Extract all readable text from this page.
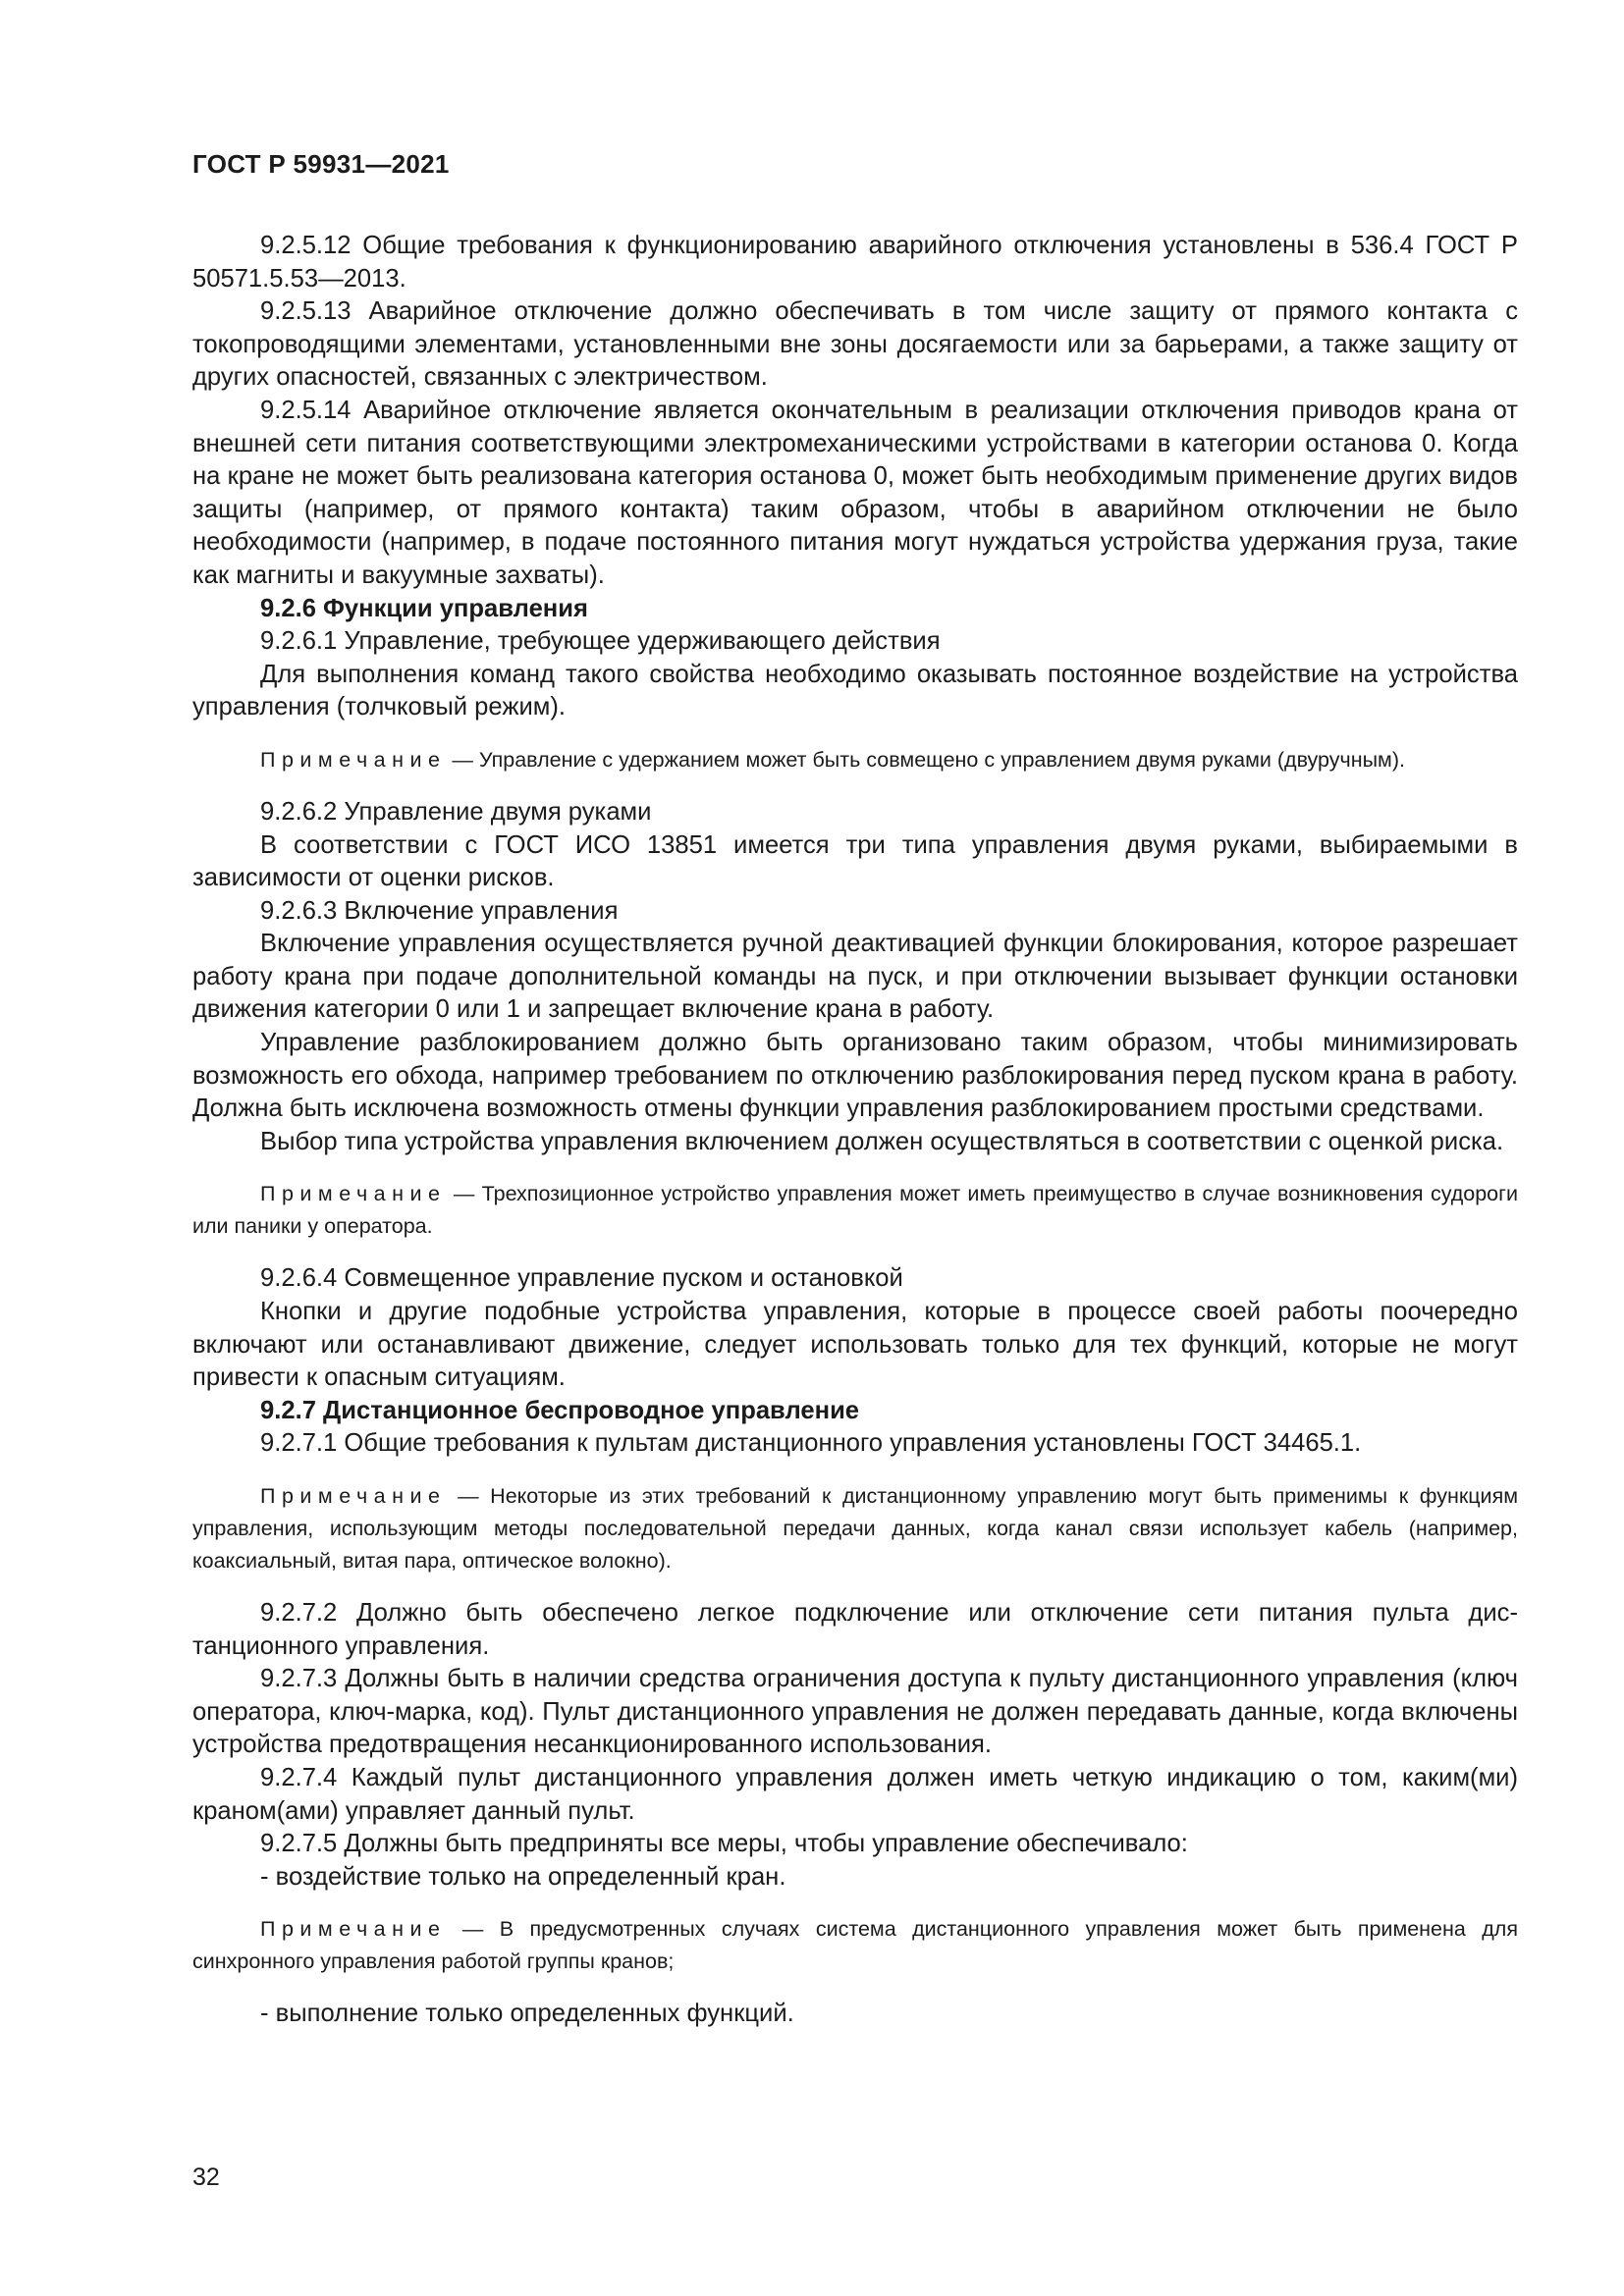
ГОСТ Р 59931—2021

9.2.5.12 Общие требования к функционированию аварийного отключения установлены в 536.4 ГОСТ Р 50571.5.53—2013.

9.2.5.13 Аварийное отключение должно обеспечивать в том числе защиту от прямого контакта с токопроводящими элементами, установленными вне зоны досягаемости или за барьерами, а также защиту от других опасностей, связанных с электричеством.

9.2.5.14 Аварийное отключение является окончательным в реализации отключения приводов крана от внешней сети питания соответствующими электромеханическими устройствами в категории останова 0. Когда на кране не может быть реализована категория останова 0, может быть необходимым применение других видов защиты (например, от прямого контакта) таким образом, чтобы в аварийном отключении не было необходимости (например, в подаче постоянного питания могут нуждаться устройства удержания груза, такие как магниты и вакуумные захваты).

9.2.6 Функции управления

9.2.6.1 Управление, требующее удерживающего действия

Для выполнения команд такого свойства необходимо оказывать постоянное воздействие на устройства управления (толчковый режим).

Примечание — Управление с удержанием может быть совмещено с управлением двумя руками (двуручным).

9.2.6.2 Управление двумя руками

В соответствии с ГОСТ ИСО 13851 имеется три типа управления двумя руками, выбираемыми в зависимости от оценки рисков.

9.2.6.3 Включение управления

Включение управления осуществляется ручной деактивацией функции блокирования, которое разрешает работу крана при подаче дополнительной команды на пуск, и при отключении вызывает функции остановки движения категории 0 или 1 и запрещает включение крана в работу.

Управление разблокированием должно быть организовано таким образом, чтобы минимизировать возможность его обхода, например требованием по отключению разблокирования перед пуском крана в работу. Должна быть исключена возможность отмены функции управления разблокированием простыми средствами.

Выбор типа устройства управления включением должен осуществляться в соответствии с оценкой риска.

Примечание — Трехпозиционное устройство управления может иметь преимущество в случае возникновения судороги или паники у оператора.

9.2.6.4 Совмещенное управление пуском и остановкой

Кнопки и другие подобные устройства управления, которые в процессе своей работы поочередно включают или останавливают движение, следует использовать только для тех функций, которые не могут привести к опасным ситуациям.

9.2.7 Дистанционное беспроводное управление

9.2.7.1 Общие требования к пультам дистанционного управления установлены ГОСТ 34465.1.

Примечание — Некоторые из этих требований к дистанционному управлению могут быть применимы к функциям управления, использующим методы последовательной передачи данных, когда канал связи использует кабель (например, коаксиальный, витая пара, оптическое волокно).

9.2.7.2 Должно быть обеспечено легкое подключение или отключение сети питания пульта дистанционного управления.

9.2.7.3 Должны быть в наличии средства ограничения доступа к пульту дистанционного управления (ключ оператора, ключ-марка, код). Пульт дистанционного управления не должен передавать данные, когда включены устройства предотвращения несанкционированного использования.

9.2.7.4 Каждый пульт дистанционного управления должен иметь четкую индикацию о том, каким(ми) краном(ами) управляет данный пульт.

9.2.7.5 Должны быть предприняты все меры, чтобы управление обеспечивало:

- воздействие только на определенный кран.

Примечание — В предусмотренных случаях система дистанционного управления может быть применена для синхронного управления работой группы кранов;

- выполнение только определенных функций.

32
